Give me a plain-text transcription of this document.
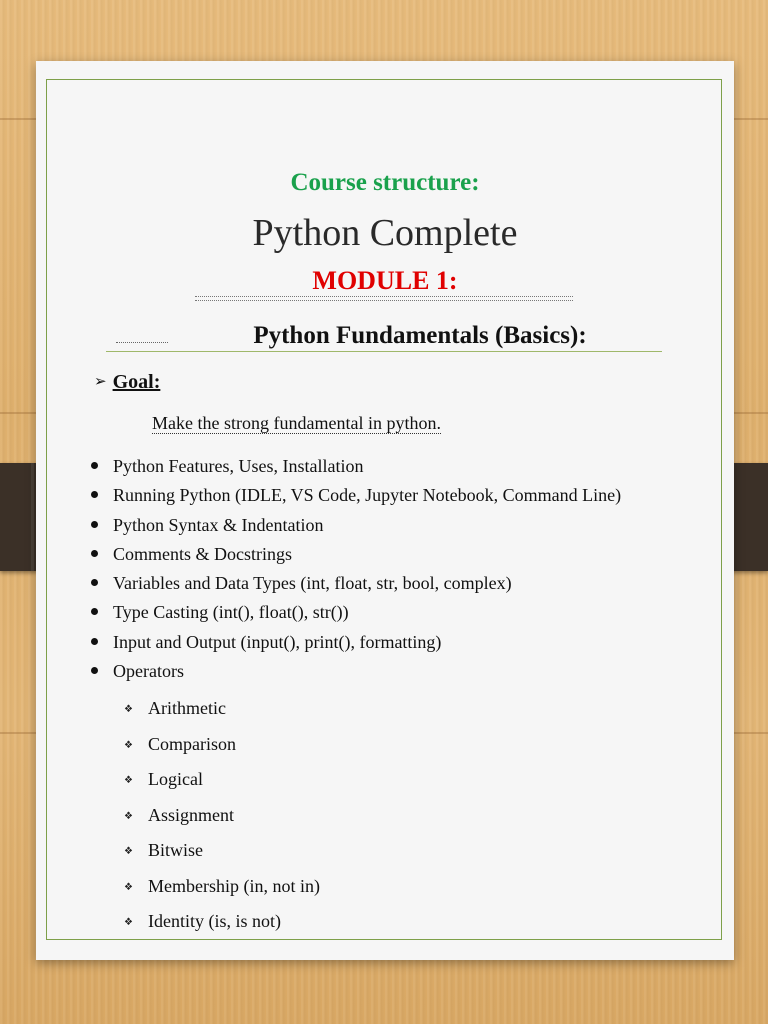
Course structure:
Python Complete
MODULE 1:
Python Fundamentals (Basics):
➢ Goal:
Make the strong fundamental in python.
Python Features, Uses, Installation
Running Python (IDLE, VS Code, Jupyter Notebook, Command Line)
Python Syntax & Indentation
Comments & Docstrings
Variables and Data Types (int, float, str, bool, complex)
Type Casting (int(), float(), str())
Input and Output (input(), print(), formatting)
Operators
❖ Arithmetic
❖ Comparison
❖ Logical
❖ Assignment
❖ Bitwise
❖ Membership (in, not in)
❖ Identity (is, is not)
